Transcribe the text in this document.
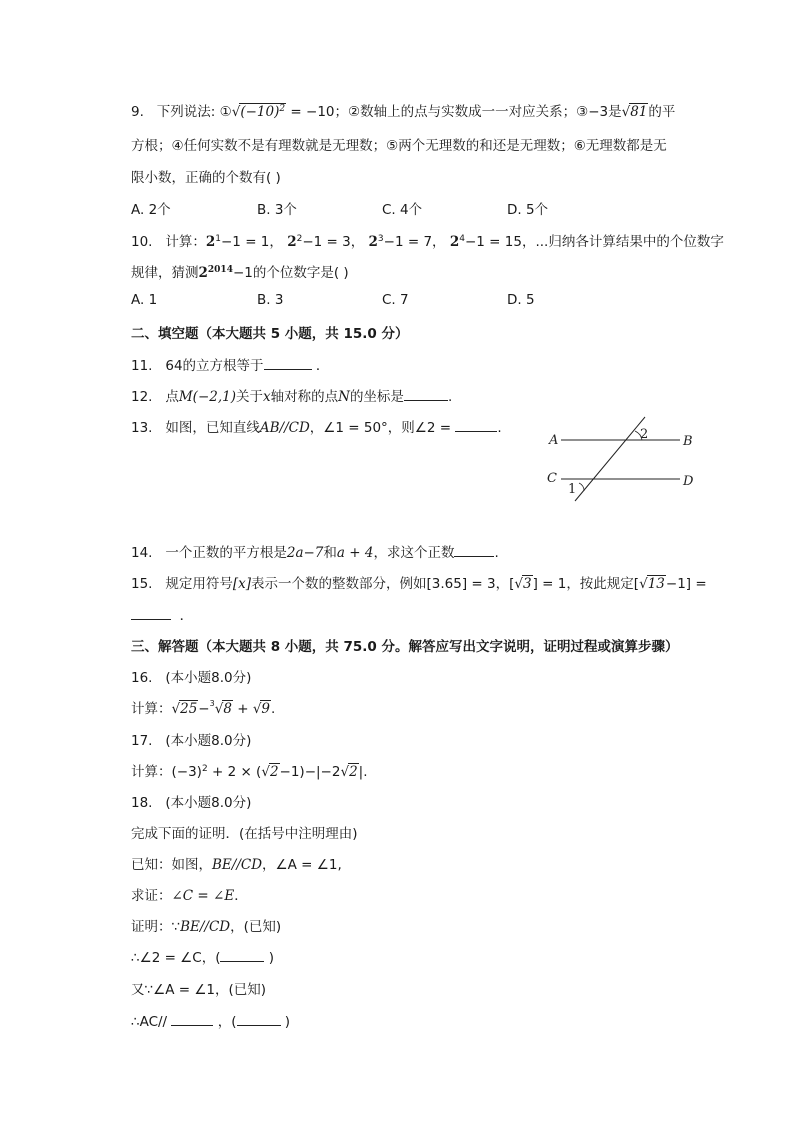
9. 下列说法: $①√(-10)^2 = -10$；②数轴上的点与实数成一一对应关系；③−3是√81的平
方根；④任何实数不是有理数就是无理数；⑤两个无理数的和还是无理数；⑥无理数都是无
限小数，正确的个数有( )
A. 2个	B. 3个	C. 4个	D. 5个
10. 计算：$2^1-1 = 1$， $2^2-1 = 3$， $2^3-1 = 7$， $2^4-1 = 15$，...归纳各计算结果中的个位数字
规律，猜测$2^{2014}-1$的个位数字是( )
A. 1	B. 3	C. 7	D. 5
二、填空题（本大题共 5 小题，共 15.0 分）
11. 64的立方根等于	．
12. 点M(−2,1)关于x轴对称的点N的坐标是	.
13. 如图，已知直线AB//CD，∠1 = 50°，则∠2 =	.
A	B
C	D
1
2
14. 一个正数的平方根是2a−7和a + 4，求这个正数	.
15. 规定用符号[x]表示一个数的整数部分，例如[3.65] = 3，[√3] = 1，按此规定[√13−1] =
．
三、解答题（本大题共 8 小题，共 75.0 分。解答应写出文字说明，证明过程或演算步骤）
16. (本小题8.0分)
计算：√25−$^3$√8 + √9.
17. (本小题8.0分)
计算：$(-3)^2 + 2 \times (√2-1)-|-2√2|$.
18. (本小题8.0分)
完成下面的证明．(在括号中注明理由)
已知：如图，BE//CD，∠A = ∠1,
求证：∠C = ∠E．
证明：∵BE//CD，(已知)
∴∠2 = ∠C，(	)
又∵∠A = ∠1，(已知)
∴AC//	，(	)
